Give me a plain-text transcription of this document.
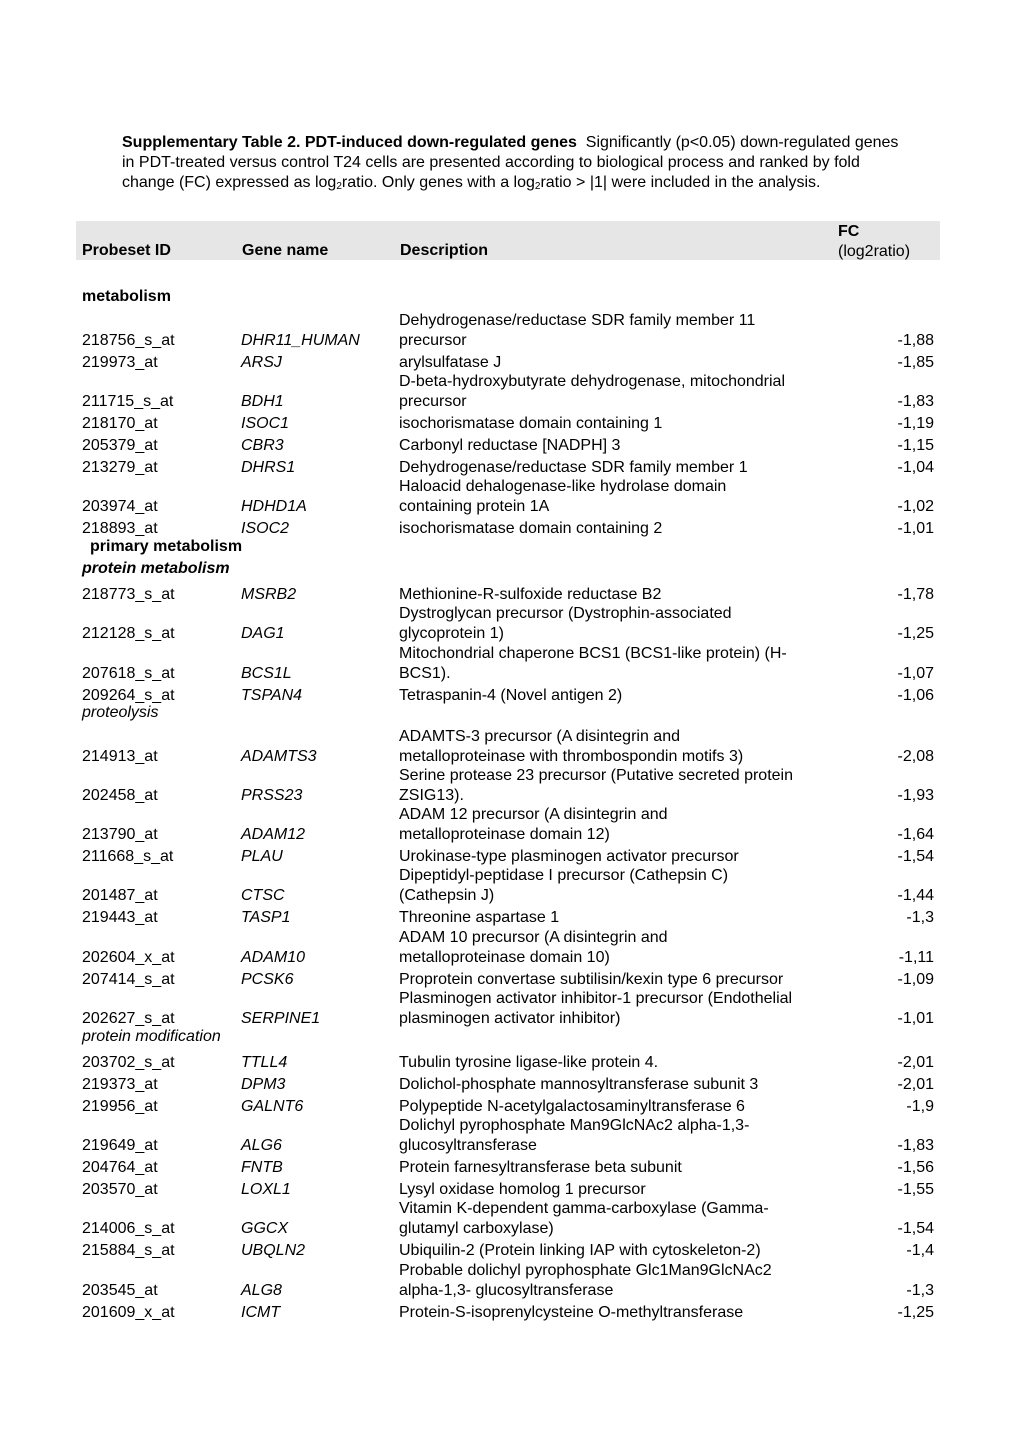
Supplementary Table 2. PDT-induced down-regulated genes Significantly (p<0.05) down-regulated genes in PDT-treated versus control T24 cells are presented according to biological process and ranked by fold change (FC) expressed as $\log_2ratio$. Only genes with a $\log_2ratio > |1|$ were included in the analysis.
Probeset ID	Gene name	Description
FC
(log2ratio)
metabolism
primary metabolism
protein metabolism
proteolysis
protein modification
218756_s_at	DHR11_HUMAN
Dehydrogenase/reductase SDR family member 11
precursor	-1,88
219973_at	ARSJ	arylsulfatase J	-1,85
211715_s_at	BDH1
D-beta-hydroxybutyrate dehydrogenase, mitochondrial
precursor	-1,83
218170_at	ISOC1	isochorismatase domain containing 1	-1,19
205379_at	CBR3	Carbonyl reductase [NADPH] 3	-1,15
213279_at	DHRS1	Dehydrogenase/reductase SDR family member 1	-1,04
203974_at	HDHD1A
Haloacid dehalogenase-like hydrolase domain
containing protein 1A	-1,02
218893_at	ISOC2	isochorismatase domain containing 2	-1,01
218773_s_at	MSRB2	Methionine-R-sulfoxide reductase B2	-1,78
212128_s_at	DAG1
Dystroglycan precursor (Dystrophin-associated
glycoprotein 1)	-1,25
207618_s_at	BCS1L
Mitochondrial chaperone BCS1 (BCS1-like protein) (H-
BCS1).	-1,07
209264_s_at	TSPAN4	Tetraspanin-4 (Novel antigen 2)	-1,06
214913_at	ADAMTS3
ADAMTS-3 precursor (A disintegrin and
metalloproteinase with thrombospondin motifs 3)	-2,08
202458_at	PRSS23
Serine protease 23 precursor (Putative secreted protein
ZSIG13).	-1,93
213790_at	ADAM12
ADAM 12 precursor (A disintegrin and
metalloproteinase domain 12)	-1,64
211668_s_at	PLAU	Urokinase-type plasminogen activator precursor	-1,54
201487_at	CTSC
Dipeptidyl-peptidase I precursor (Cathepsin C)
(Cathepsin J)	-1,44
219443_at	TASP1	Threonine aspartase 1	-1,3
202604_x_at	ADAM10
ADAM 10 precursor (A disintegrin and
metalloproteinase domain 10)	-1,11
207414_s_at	PCSK6	Proprotein convertase subtilisin/kexin type 6 precursor	-1,09
202627_s_at	SERPINE1
Plasminogen activator inhibitor-1 precursor (Endothelial
plasminogen activator inhibitor)	-1,01
203702_s_at	TTLL4	Tubulin tyrosine ligase-like protein 4.	-2,01
219373_at	DPM3	Dolichol-phosphate mannosyltransferase subunit 3	-2,01
219956_at	GALNT6	Polypeptide N-acetylgalactosaminyltransferase 6	-1,9
219649_at	ALG6
Dolichyl pyrophosphate Man9GlcNAc2 alpha-1,3-
glucosyltransferase	-1,83
204764_at	FNTB	Protein farnesyltransferase beta subunit	-1,56
203570_at	LOXL1	Lysyl oxidase homolog 1 precursor	-1,55
214006_s_at	GGCX
Vitamin K-dependent gamma-carboxylase (Gamma-
glutamyl carboxylase)	-1,54
215884_s_at	UBQLN2	Ubiquilin-2 (Protein linking IAP with cytoskeleton-2)	-1,4
203545_at	ALG8
Probable dolichyl pyrophosphate Glc1Man9GlcNAc2
alpha-1,3- glucosyltransferase	-1,3
201609_x_at	ICMT	Protein-S-isoprenylcysteine O-methyltransferase	-1,25
